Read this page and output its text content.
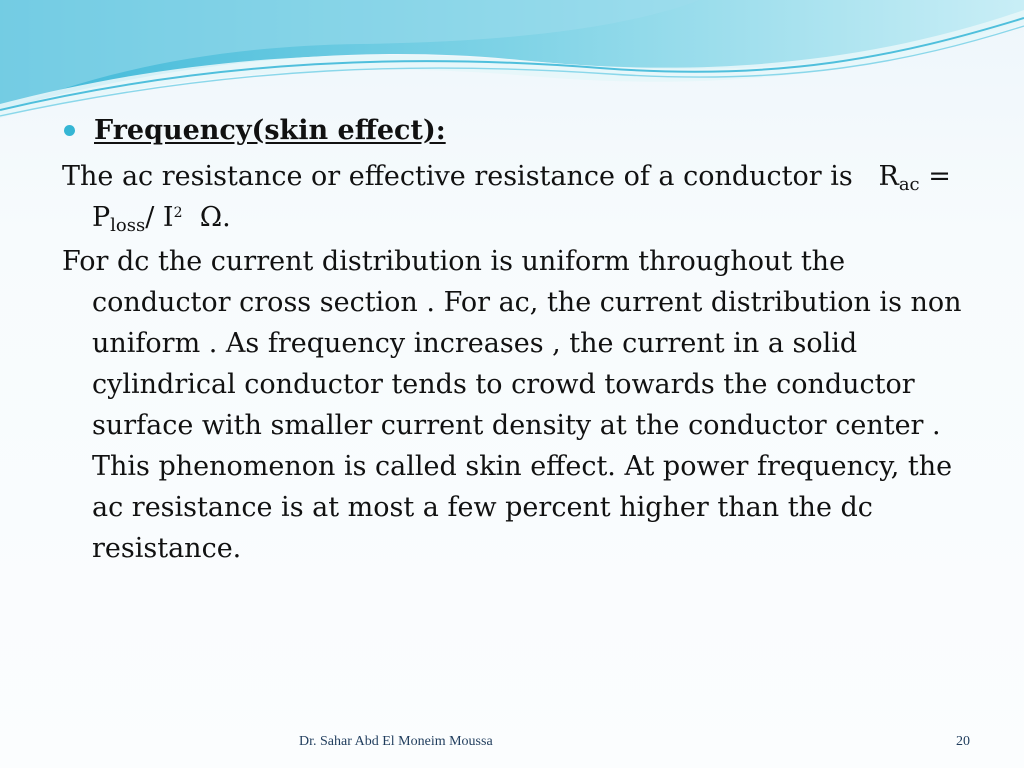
Frequency(skin effect):

The ac resistance or effective resistance of a conductor is $R_{ac} = P_{loss}/$ $I^2$ Ω.

For dc the current distribution is uniform throughout the conductor cross section . For ac, the current distribution is non uniform . As frequency increases , the current in a solid cylindrical conductor tends to crowd towards the conductor surface with smaller current density at the conductor center . This phenomenon is called skin effect. At power frequency, the ac resistance is at most a few percent higher than the dc resistance.

Dr. Sahar Abd El Moneim Moussa	20
